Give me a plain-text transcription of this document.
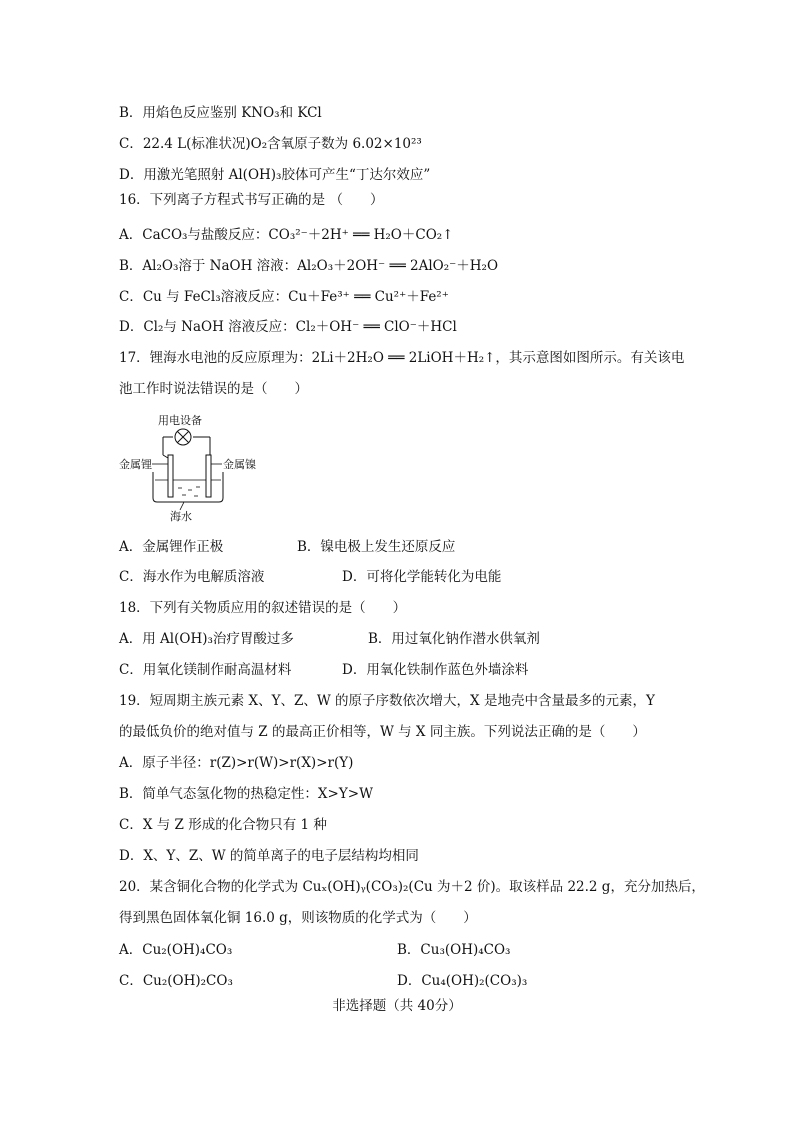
B．用焰色反应鉴别 KNO₃和 KCl
C．22.4 L(标准状况)O₂含氧原子数为 6.02×10²³
D．用激光笔照射 Al(OH)₃胶体可产生“丁达尔效应”
16．下列离子方程式书写正确的是 （　　）
A．CaCO₃与盐酸反应：CO₃²⁻＋2H⁺ ══ H₂O＋CO₂↑
B．Al₂O₃溶于 NaOH 溶液：Al₂O₃＋2OH⁻ ══ 2AlO₂⁻＋H₂O
C．Cu 与 FeCl₃溶液反应：Cu＋Fe³⁺ ══ Cu²⁺＋Fe²⁺
D．Cl₂与 NaOH 溶液反应：Cl₂＋OH⁻ ══ ClO⁻＋HCl
17．锂海水电池的反应原理为：2Li＋2H₂O ══ 2LiOH＋H₂↑，其示意图如图所示。有关该电
池工作时说法错误的是（　　）
用电设备
金属锂	金属镍
海水
A．金属锂作正极	B．镍电极上发生还原反应
C．海水作为电解质溶液	D．可将化学能转化为电能
18．下列有关物质应用的叙述错误的是（　　）
A．用 Al(OH)₃治疗胃酸过多	B．用过氧化钠作潜水供氧剂
C．用氧化镁制作耐高温材料	D．用氧化铁制作蓝色外墙涂料
19．短周期主族元素 X、Y、Z、W 的原子序数依次增大，X 是地壳中含量最多的元素，Y
的最低负价的绝对值与 Z 的最高正价相等，W 与 X 同主族。下列说法正确的是（　　）
A．原子半径：r(Z)>r(W)>r(X)>r(Y)
B．简单气态氢化物的热稳定性：X>Y>W
C．X 与 Z 形成的化合物只有 1 种
D．X、Y、Z、W 的简单离子的电子层结构均相同
20．某含铜化合物的化学式为 Cuₓ(OH)ᵧ(CO₃)₂(Cu 为＋2 价)。取该样品 22.2 g，充分加热后，
得到黑色固体氧化铜 16.0 g，则该物质的化学式为（　　）
A．Cu₂(OH)₄CO₃	B．Cu₃(OH)₄CO₃
C．Cu₂(OH)₂CO₃	D．Cu₄(OH)₂(CO₃)₃
非选择题（共 40分）
